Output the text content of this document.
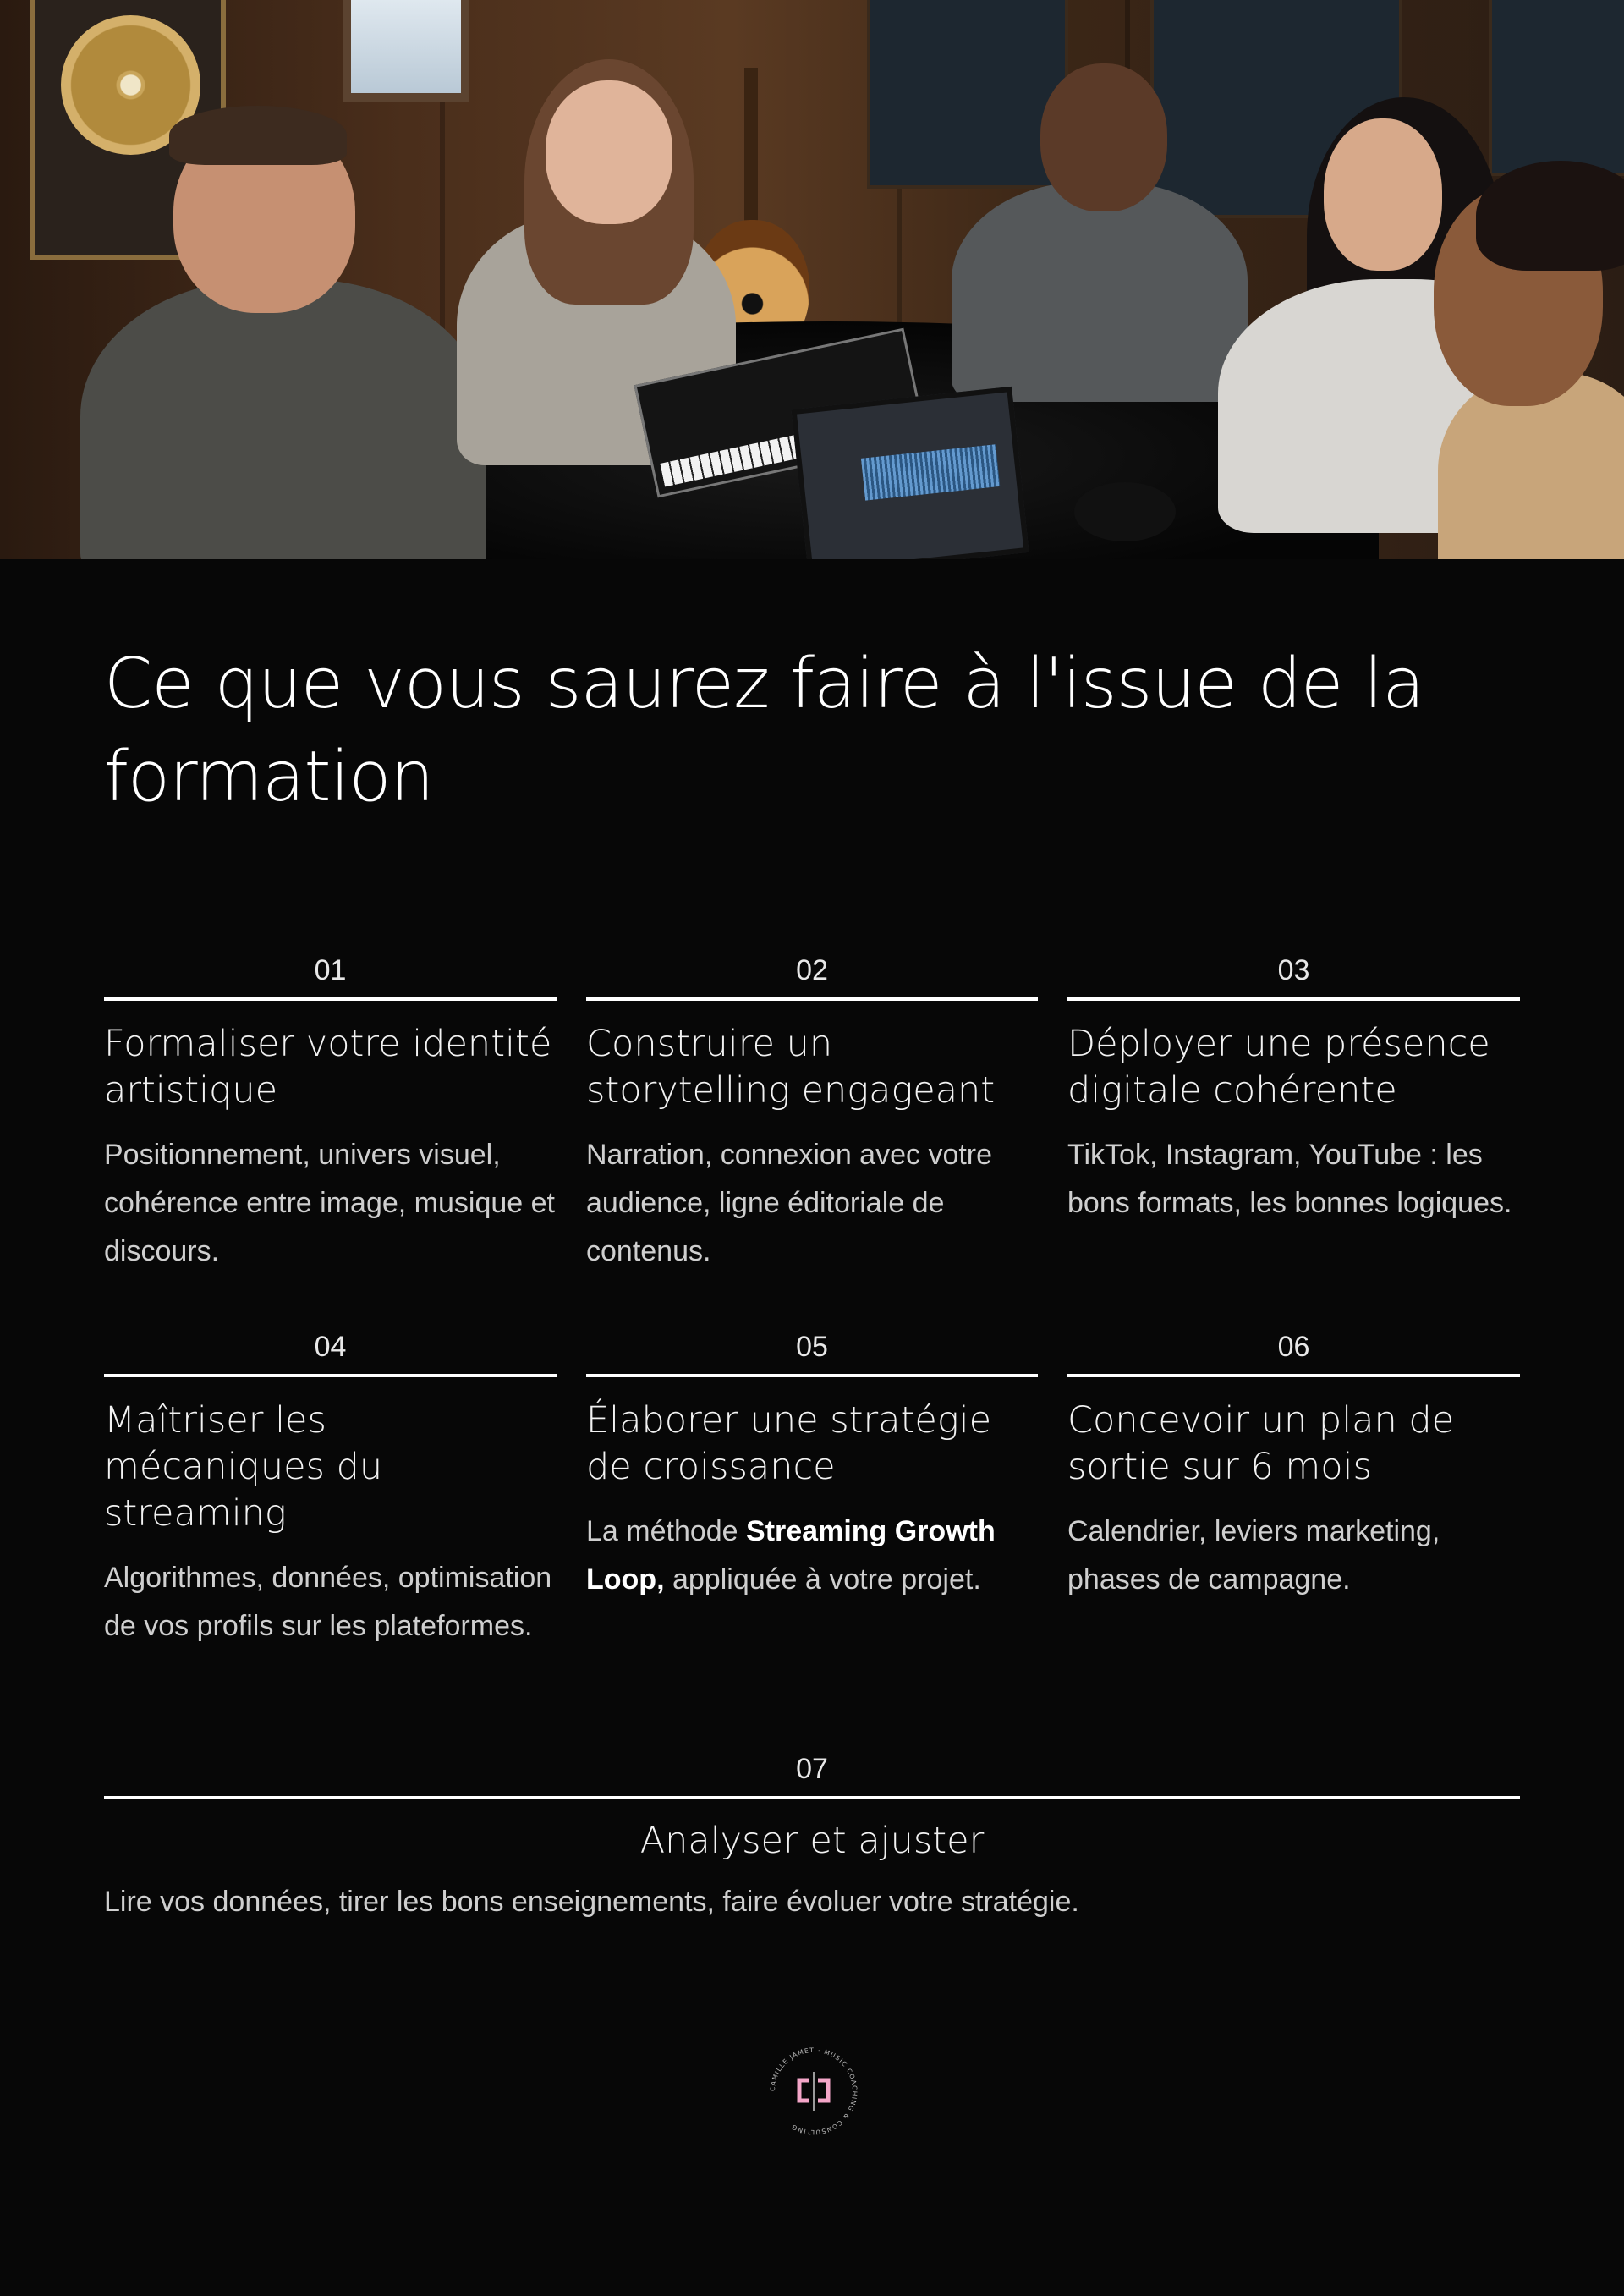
Ce que vous saurez faire à l'issue de la formation
01
Formaliser votre identité artistique

Positionnement, univers visuel, cohérence entre image, musique et discours.

02
Construire un storytelling engageant

Narration, connexion avec votre audience, ligne éditoriale de contenus.

03
Déployer une présence digitale cohérente

TikTok, Instagram, YouTube : les bons formats, les bonnes logiques.

04
Maîtriser les mécaniques du streaming

Algorithmes, données, optimisation de vos profils sur les plateformes.

05
Élaborer une stratégie de croissance

La méthode Streaming Growth Loop, appliquée à votre projet.

06
Concevoir un plan de sortie sur 6 mois

Calendrier, leviers marketing, phases de campagne.

07
Analyser et ajuster

Lire vos données, tirer les bons enseignements, faire évoluer votre stratégie.

CAMILLE JAMET · MUSIC COACHING & CONSULTING
C	J
